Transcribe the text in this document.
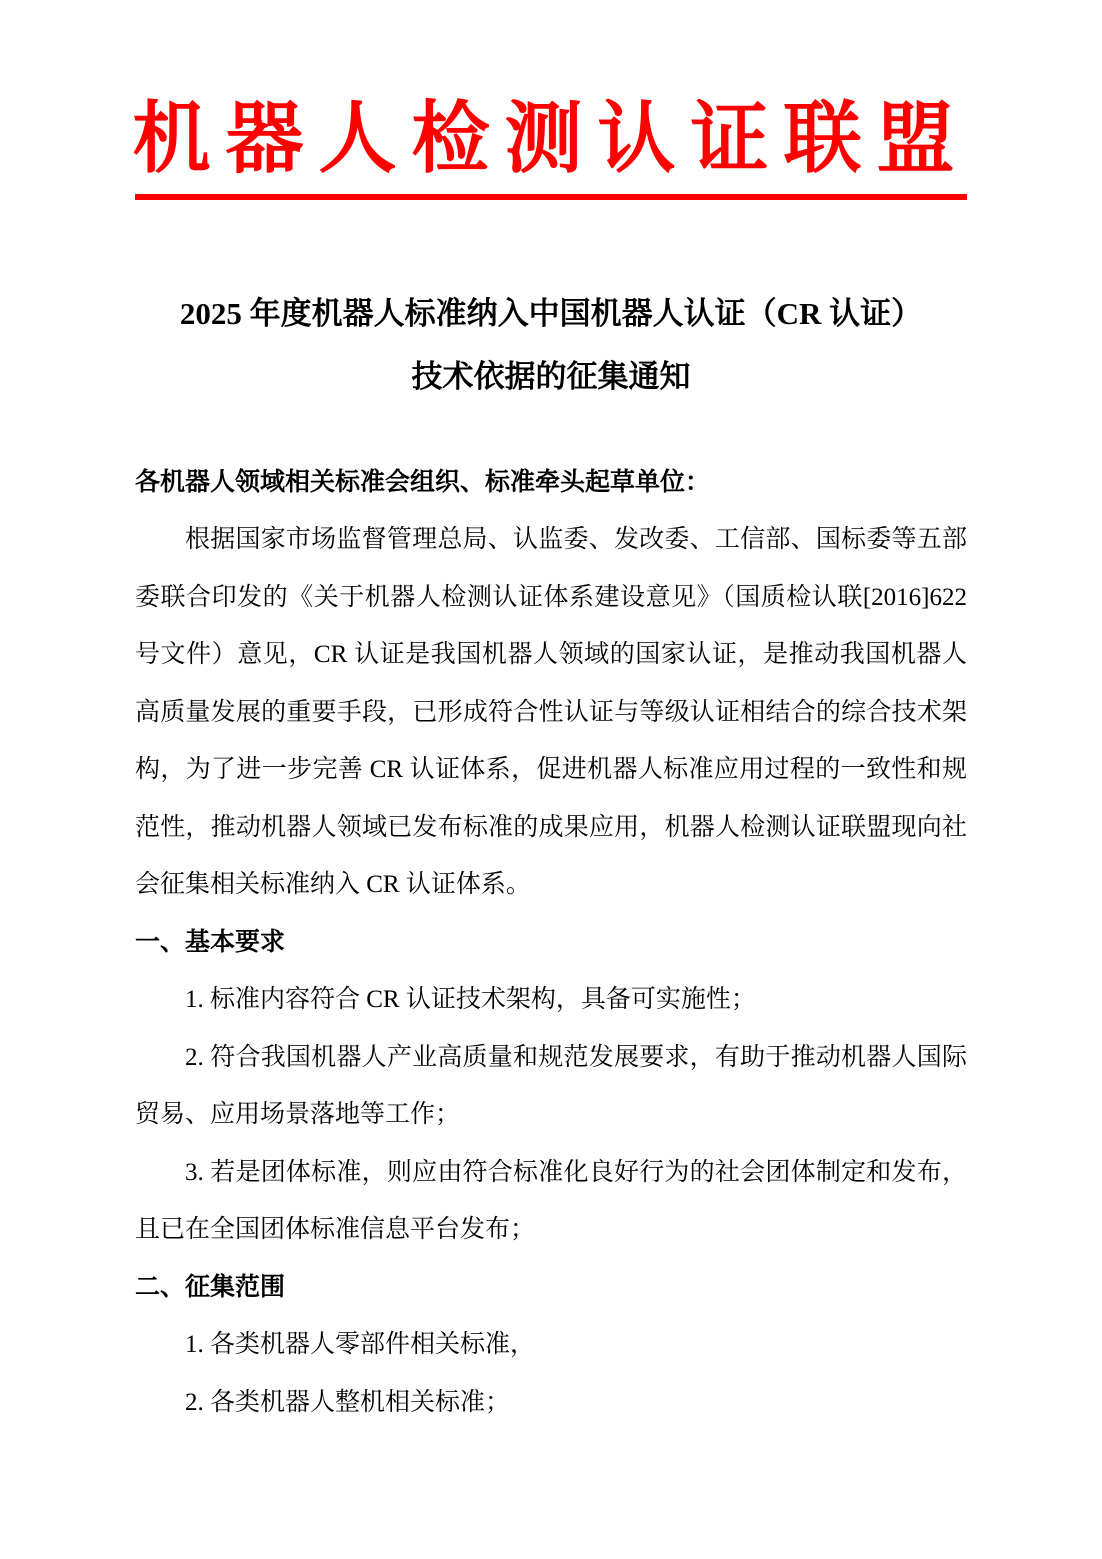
机器人检测认证联盟
2025 年度机器人标准纳入中国机器人认证（CR 认证）
技术依据的征集通知

各机器人领域相关标准会组织、标准牵头起草单位：

根据国家市场监督管理总局、认监委、发改委、工信部、国标委等五部委联合印发的《关于机器人检测认证体系建设意见》（国质检认联[2016]622 号文件）意见，CR 认证是我国机器人领域的国家认证，是推动我国机器人高质量发展的重要手段，已形成符合性认证与等级认证相结合的综合技术架构，为了进一步完善 CR 认证体系，促进机器人标准应用过程的一致性和规范性，推动机器人领域已发布标准的成果应用，机器人检测认证联盟现向社会征集相关标准纳入 CR 认证体系。

一、基本要求

1. 标准内容符合 CR 认证技术架构，具备可实施性；

2. 符合我国机器人产业高质量和规范发展要求，有助于推动机器人国际贸易、应用场景落地等工作；

3. 若是团体标准，则应由符合标准化良好行为的社会团体制定和发布，且已在全国团体标准信息平台发布；

二、征集范围

1. 各类机器人零部件相关标准，

2. 各类机器人整机相关标准；
